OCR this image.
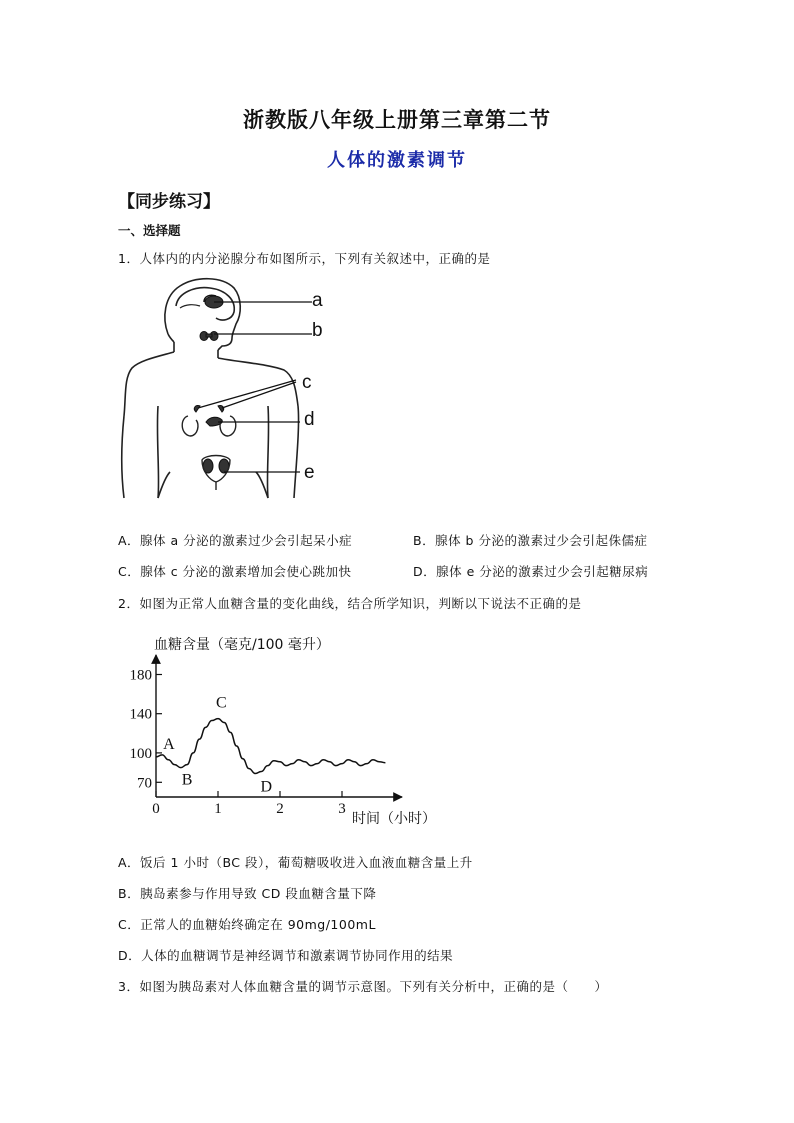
浙教版八年级上册第三章第二节
人体的激素调节
【同步练习】
一、选择题
1．人体内的内分泌腺分布如图所示，下列有关叙述中，正确的是
a
b
c
d
e
A．腺体 a 分泌的激素过少会引起呆小症	B．腺体 b 分泌的激素过少会引起侏儒症
C．腺体 c 分泌的激素增加会使心跳加快	D．腺体 e 分泌的激素过少会引起糖尿病
2．如图为正常人血糖含量的变化曲线，结合所学知识，判断以下说法不正确的是
血糖含量（毫克/100 毫升）
时间（小时）
70
100
140
180
0	1	2	3
A
B
C
D
A．饭后 1 小时（BC 段），葡萄糖吸收进入血液血糖含量上升
B．胰岛素参与作用导致 CD 段血糖含量下降
C．正常人的血糖始终确定在 90mg/100mL
D．人体的血糖调节是神经调节和激素调节协同作用的结果
3．如图为胰岛素对人体血糖含量的调节示意图。下列有关分析中，正确的是（　　）
